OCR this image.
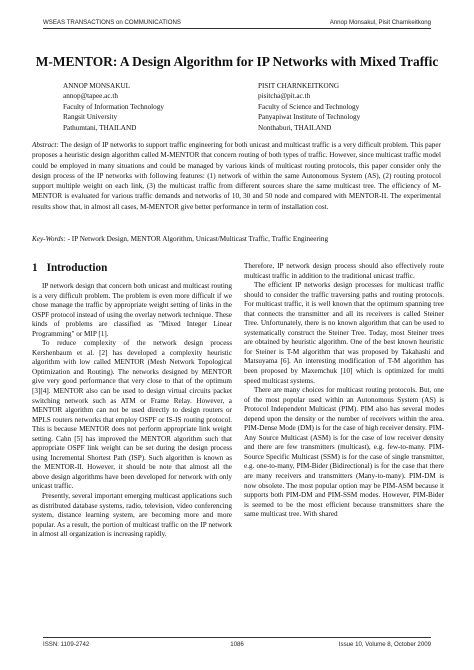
WSEAS TRANSACTIONS on COMMUNICATIONS	Annop Monsakul, Pisit Charnkeitkong
M-MENTOR: A Design Algorithm for IP Networks with Mixed Traffic
ANNOP MONSAKUL
annop@tapee.ac.th
Faculty of Information Technology
Rangsit University
Pathumtani, THAILAND
PISIT CHARNKEITKONG
pisitcha@pit.ac.th
Faculty of Science and Technology
Panyapiwat Institute of Technology
Nonthaburi, THAILAND
Abstract: The design of IP networks to support traffic engineering for both unicast and multicast traffic is a very difficult problem. This paper proposes a heuristic design algorithm called M-MENTOR that concern routing of both types of traffic. However, since multicast traffic model could be employed in many situations and could be managed by various kinds of multicast routing protocols, this paper consider only the design process of the IP networks with following features: (1) network of within the same Autonomous System (AS), (2) routing protocol support multiple weight on each link, (3) the multicast traffic from different sources share the same multicast tree. The efficiency of M-MENTOR is evaluated for various traffic demands and networks of 10, 30 and 50 node and compared with MENTOR-II. The experimental results show that, in almost all cases, M-MENTOR give better performance in term of installation cost.
Key-Words: - IP Network Design, MENTOR Algorithm, Unicast/Multicast Traffic, Traffic Engineering
1 Introduction

IP network design that concern both unicast and multicast routing is a very difficult problem. The problem is even more difficult if we chose manage the traffic by appropriate weight setting of links in the OSPF protocol instead of using the overlay network technique. These kinds of problems are classified as "Mixed Integer Linear Programming" or MIP [1].

To reduce complexity of the network design process Kershenbaum et al. [2] has developed a complexity heuristic algorithm with low called MENTOR (Mesh Network Topological Optimization and Routing). The networks designed by MENTOR give very good performance that very close to that of the optimum [3][4]. MENTOR also can be used to design virtual circuits packet switching network such as ATM or Frame Relay. However, a MENTOR algorithm can not be used directly to design routers or MPLS routers networks that employ OSPF or IS-IS routing protocol. This is because MENTOR does not perform appropriate link weight setting. Cahn [5] has improved the MENTOR algorithm such that appropriate OSPF link weight can be set during the design process using Incremental Shortest Path (ISP). Such algorithm is known as the MENTOR-II. However, it should be note that almost all the above design algorithms have been developed for network with only unicast traffic.

Presently, several important emerging multicast applications such as distributed database systems, radio, television, video conferencing system, distance learning system, are becoming more and more popular. As a result, the portion of multicast traffic on the IP network in almost all organization is increasing rapidly.

Therefore, IP network design process should also effectively route multicast traffic in addition to the traditional unicast traffic.

The efficient IP networks design processes for multicast traffic should to consider the traffic traversing paths and routing protocols. For multicast traffic, it is well known that the optimum spanning tree that connects the transmitter and all its receivers is called Steiner Tree. Unfortunately, there is no known algorithm that can be used to systematically construct the Steiner Tree. Today, most Steiner trees are obtained by heuristic algorithm. One of the best known heuristic for Steiner is T-M algorithm that was proposed by Takahashi and Matsuyama [6]. An interesting modification of T-M algorithm has been proposed by Maxemchuk [10] which is optimized for multi speed multicast systems.

There are many choices for multicast routing protocols. But, one of the most popular used within an Autonomous System (AS) is Protocol Independent Multicast (PIM). PIM also has several modes depend upon the density or the number of receivers within the area. PIM-Dense Mode (DM) is for the case of high receiver density. PIM-Any Source Multicast (ASM) is for the case of low receiver density and there are few transmitters (multicast), e.g. few-to-many. PIM-Source Specific Multicast (SSM) is for the case of single transmitter, e.g. one-to-many, PIM-Bider (Bidirectional) is for the case that there are many receivers and transmitters (Many-to-many). PIM-DM is now obsolete. The most popular option may be PIM-ASM because it supports both PIM-DM and PIM-SSM modes. However, PIM-Bider is seemed to be the most efficient because transmitters share the same multicast tree. With shared

ISSN: 1109-2742	1086	Issue 10, Volume 8, October 2009
